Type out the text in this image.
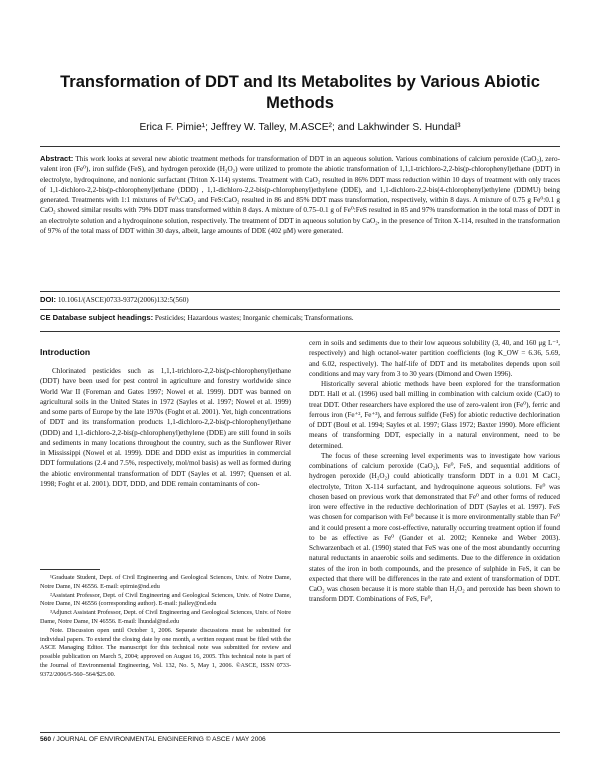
Transformation of DDT and Its Metabolites by Various Abiotic Methods
Erica F. Pimie¹; Jeffrey W. Talley, M.ASCE²; and Lakhwinder S. Hundal³

Abstract: This work looks at several new abiotic treatment methods for transformation of DDT in an aqueous solution. Various combinations of calcium peroxide (CaO₂), zero-valent iron (Fe⁰), iron sulfide (FeS), and hydrogen peroxide (H₂O₂) were utilized to promote the abiotic transformation of 1,1,1-trichloro-2,2-bis(p-chlorophenyl)ethane (DDT) in electrolyte, hydroquinone, and nonionic surfactant (Triton X-114) systems. Treatment with CaO₂ resulted in 86% DDT mass reduction within 10 days of treatment with only traces of 1,1-dichloro-2,2-bis(p-chlorophenyl)ethane (DDD) , 1,1-dichloro-2,2-bis(p-chlorophenyl)ethylene (DDE), and 1,1-dichloro-2,2-bis(4-chlorophenyl)ethylene (DDMU) being generated. Treatments with 1:1 mixtures of Fe⁰:CaO₂ and FeS:CaO₂ resulted in 86 and 85% DDT mass transformation, respectively, within 8 days. A mixture of 0.75 g Fe⁰:0.1 g CaO₂ showed similar results with 79% DDT mass transformed within 8 days. A mixture of 0.75–0.1 g of Fe⁰:FeS resulted in 85 and 97% transformation in the total mass of DDT in an electrolyte solution and a hydroquinone solution, respectively. The treatment of DDT in aqueous solution by CaO₂, in the presence of Triton X-114, resulted in the transformation of 97% of the total mass of DDT within 30 days, albeit, large amounts of DDE (402 μM) were generated.

DOI: 10.1061/(ASCE)0733-9372(2006)132:5(560)
CE Database subject headings: Pesticides; Hazardous wastes; Inorganic chemicals; Transformations.
Introduction

Chlorinated pesticides such as 1,1,1-trichloro-2,2-bis(p-chlorophenyl)ethane (DDT) have been used for pest control in agriculture and forestry worldwide since World War II (Foreman and Gates 1997; Nowel et al. 1999). DDT was banned on agricultural soils in the United States in 1972 (Sayles et al. 1997; Nowel et al. 1999) and some parts of Europe by the late 1970s (Foght et al. 2001). Yet, high concentrations of DDT and its transformation products 1,1-dichloro-2,2-bis(p-chlorophenyl)ethane (DDD) and 1,1-dichloro-2,2-bis(p-chlorophenyl)ethylene (DDE) are still found in soils and sediments in many locations throughout the country, such as the Sunflower River in Mississippi (Nowel et al. 1999). DDE and DDD exist as impurities in commercial DDT formulations (2.4 and 7.5%, respectively, mol/mol basis) as well as formed during the abiotic environmental transformation of DDT (Sayles et al. 1997; Quensen et al. 1998; Foght et al. 2001). DDT, DDD, and DDE remain contaminants of con-

¹Graduate Student, Dept. of Civil Engineering and Geological Sciences, Univ. of Notre Dame, Notre Dame, IN 46556. E-mail: epirnie@nd.edu

²Assistant Professor, Dept. of Civil Engineering and Geological Sciences, Univ. of Notre Dame, Notre Dame, IN 46556 (corresponding author). E-mail: jtalley@nd.edu

³Adjunct Assistant Professor, Dept. of Civil Engineering and Geological Sciences, Univ. of Notre Dame, Notre Dame, IN 46556. E-mail: lhundal@nd.edu

Note. Discussion open until October 1, 2006. Separate discussions must be submitted for individual papers. To extend the closing date by one month, a written request must be filed with the ASCE Managing Editor. The manuscript for this technical note was submitted for review and possible publication on March 5, 2004; approved on August 16, 2005. This technical note is part of the Journal of Environmental Engineering, Vol. 132, No. 5, May 1, 2006. ©ASCE, ISSN 0733-9372/2006/5-560–564/$25.00.

cern in soils and sediments due to their low aqueous solubility (3, 40, and 160 μg L⁻¹, respectively) and high octanol-water partition coefficients (log K_OW = 6.36, 5.69, and 6.02, respectively). The half-life of DDT and its metabolites depends upon soil conditions and may vary from 3 to 30 years (Dimond and Owen 1996).

Historically several abiotic methods have been explored for the transformation DDT. Hall et al. (1996) used ball milling in combination with calcium oxide (CaO) to treat DDT. Other researchers have explored the use of zero-valent iron (Fe⁰), ferric and ferrous iron (Fe⁺², Fe⁺³), and ferrous sulfide (FeS) for abiotic reductive dechlorination of DDT (Boul et al. 1994; Sayles et al. 1997; Glass 1972; Baxter 1990). More efficient means of transforming DDT, especially in a natural environment, need to be determined.

The focus of these screening level experiments was to investigate how various combinations of calcium peroxide (CaO₂), Fe⁰, FeS, and sequential additions of hydrogen peroxide (H₂O₂) could abiotically transform DDT in a 0.01 M CaCl₂ electrolyte, Triton X-114 surfactant, and hydroquinone aqueous solutions. Fe⁰ was chosen based on previous work that demonstrated that Fe⁰ and other forms of reduced iron were effective in the reductive dechlorination of DDT (Sayles et al. 1997). FeS was chosen for comparison with Fe⁰ because it is more environmentally stable than Fe⁰ and it could present a more cost-effective, naturally occurring treatment option if found to be as effective as Fe⁰ (Gander et al. 2002; Kenneke and Weber 2003). Schwarzenbach et al. (1990) stated that FeS was one of the most abundantly occurring natural reductants in anaerobic soils and sediments. Due to the difference in oxidation states of the iron in both compounds, and the presence of sulphide in FeS, it can be expected that there will be differences in the rate and extent of transformation of DDT. CaO₂ was chosen because it is more stable than H₂O₂ and peroxide has been shown to transform DDT. Combinations of FeS, Fe⁰,

560 / JOURNAL OF ENVIRONMENTAL ENGINEERING © ASCE / MAY 2006
